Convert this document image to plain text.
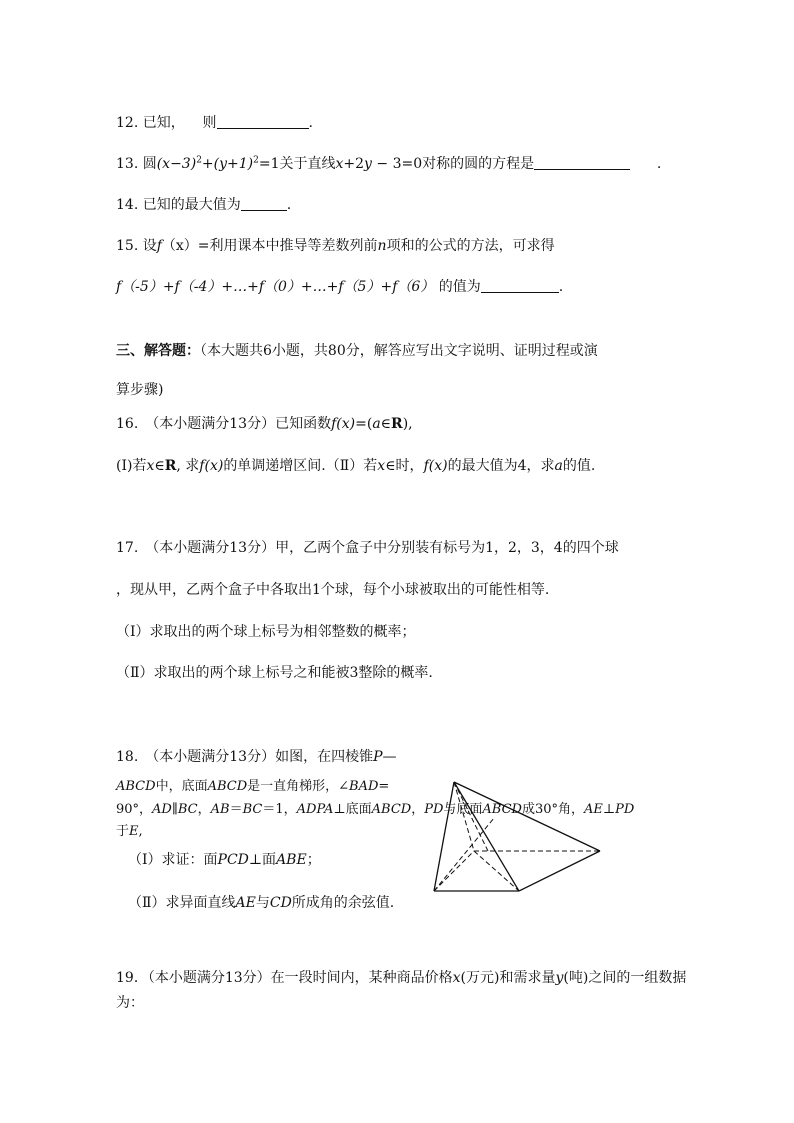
12. 已知， 则	.
13. 圆$(x-3)^2+(y+1)^2=1$关于直线x+2y − 3=0对称的圆的方程是	.
14. 已知的最大值为	.
15. 设f（x）=利用课本中推导等差数列前n项和的公式的方法，可求得
f（-5）+f（-4）+…+f（0）+…+f（5）+f（6） 的值为	.
三、解答题：（本大题共6小题，共80分，解答应写出文字说明、证明过程或演
算步骤)
16.　（本小题满分13分）已知函数f(x)=(a∈R),
(Ⅰ)若x∈R, 求f(x)的单调递增区间.（Ⅱ）若x∈时，f(x)的最大值为4，求a的值.
17.　（本小题满分13分）甲，乙两个盒子中分别装有标号为1，2，3，4的四个球
，现从甲，乙两个盒子中各取出1个球，每个小球被取出的可能性相等.
（Ⅰ）求取出的两个球上标号为相邻整数的概率；
（Ⅱ）求取出的两个球上标号之和能被3整除的概率.
18.　（本小题满分13分）如图，在四棱锥P—
ABCD中，底面ABCD是一直角梯形，∠BAD=
90°，AD∥BC，AB＝BC＝1，ADPA⊥底面ABCD，PD与底面ABCD成30°角，AE⊥PD
于E,
（Ⅰ）求证：面PCD⊥面ABE；
（Ⅱ）求异面直线AE与CD所成角的余弦值.
19．（本小题满分13分）在一段时间内，某种商品价格x(万元)和需求量y(吨)之间的一组数据
为：
